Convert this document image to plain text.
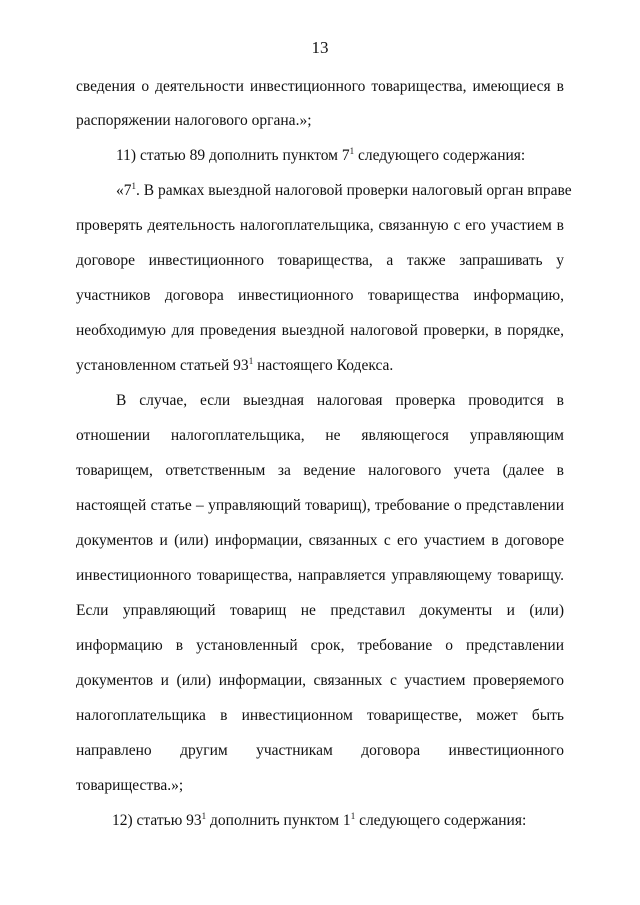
13
сведения о деятельности инвестиционного товарищества, имеющиеся в
распоряжении налогового органа.»;
11) статью 89 дополнить пунктом $7^1$ следующего содержания:
«$7^1$. В рамках выездной налоговой проверки налоговый орган вправе
проверять деятельность налогоплательщика, связанную с его участием в
договоре инвестиционного товарищества, а также запрашивать у
участников договора инвестиционного товарищества информацию,
необходимую для проведения выездной налоговой проверки, в порядке,
установленном статьей $93^1$ настоящего Кодекса.
В случае, если выездная налоговая проверка проводится в
отношении налогоплательщика, не являющегося управляющим
товарищем, ответственным за ведение налогового учета (далее в
настоящей статье – управляющий товарищ), требование о представлении
документов и (или) информации, связанных с его участием в договоре
инвестиционного товарищества, направляется управляющему товарищу.
Если управляющий товарищ не представил документы и (или)
информацию в установленный срок, требование о представлении
документов и (или) информации, связанных с участием проверяемого
налогоплательщика в инвестиционном товариществе, может быть
направлено другим участникам договора инвестиционного
товарищества.»;
12) статью $93^1$ дополнить пунктом $1^1$ следующего содержания:
